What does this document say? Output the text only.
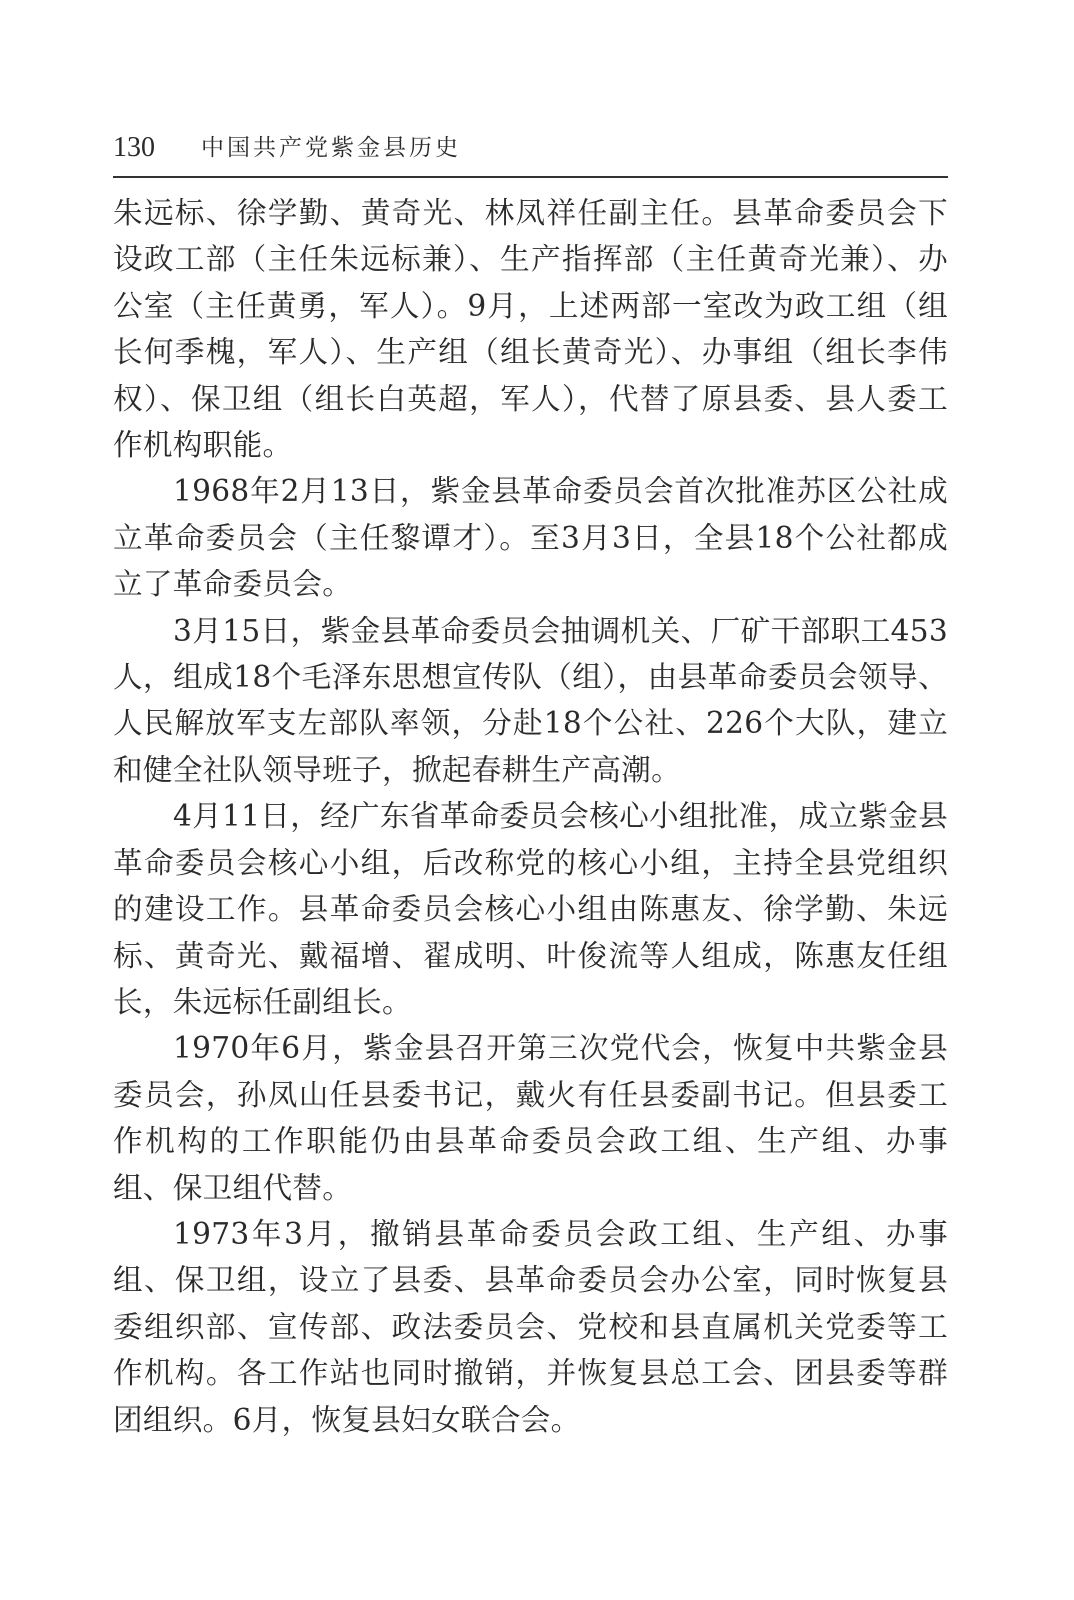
130 中国共产党紫金县历史

朱远标、徐学勤、黄奇光、林凤祥任副主任。县革命委员会下设政工部（主任朱远标兼）、生产指挥部（主任黄奇光兼）、办公室（主任黄勇，军人）。9月，上述两部一室改为政工组（组长何季槐，军人）、生产组（组长黄奇光）、办事组（组长李伟权）、保卫组（组长白英超，军人），代替了原县委、县人委工作机构职能。

1968年2月13日，紫金县革命委员会首次批准苏区公社成立革命委员会（主任黎谭才）。至3月3日，全县18个公社都成立了革命委员会。

3月15日，紫金县革命委员会抽调机关、厂矿干部职工453人，组成18个毛泽东思想宣传队（组），由县革命委员会领导、人民解放军支左部队率领，分赴18个公社、226个大队，建立和健全社队领导班子，掀起春耕生产高潮。

4月11日，经广东省革命委员会核心小组批准，成立紫金县革命委员会核心小组，后改称党的核心小组，主持全县党组织的建设工作。县革命委员会核心小组由陈惠友、徐学勤、朱远标、黄奇光、戴福增、翟成明、叶俊流等人组成，陈惠友任组长，朱远标任副组长。

1970年6月，紫金县召开第三次党代会，恢复中共紫金县委员会，孙凤山任县委书记，戴火有任县委副书记。但县委工作机构的工作职能仍由县革命委员会政工组、生产组、办事组、保卫组代替。

1973年3月，撤销县革命委员会政工组、生产组、办事组、保卫组，设立了县委、县革命委员会办公室，同时恢复县委组织部、宣传部、政法委员会、党校和县直属机关党委等工作机构。各工作站也同时撤销，并恢复县总工会、团县委等群团组织。6月，恢复县妇女联合会。
